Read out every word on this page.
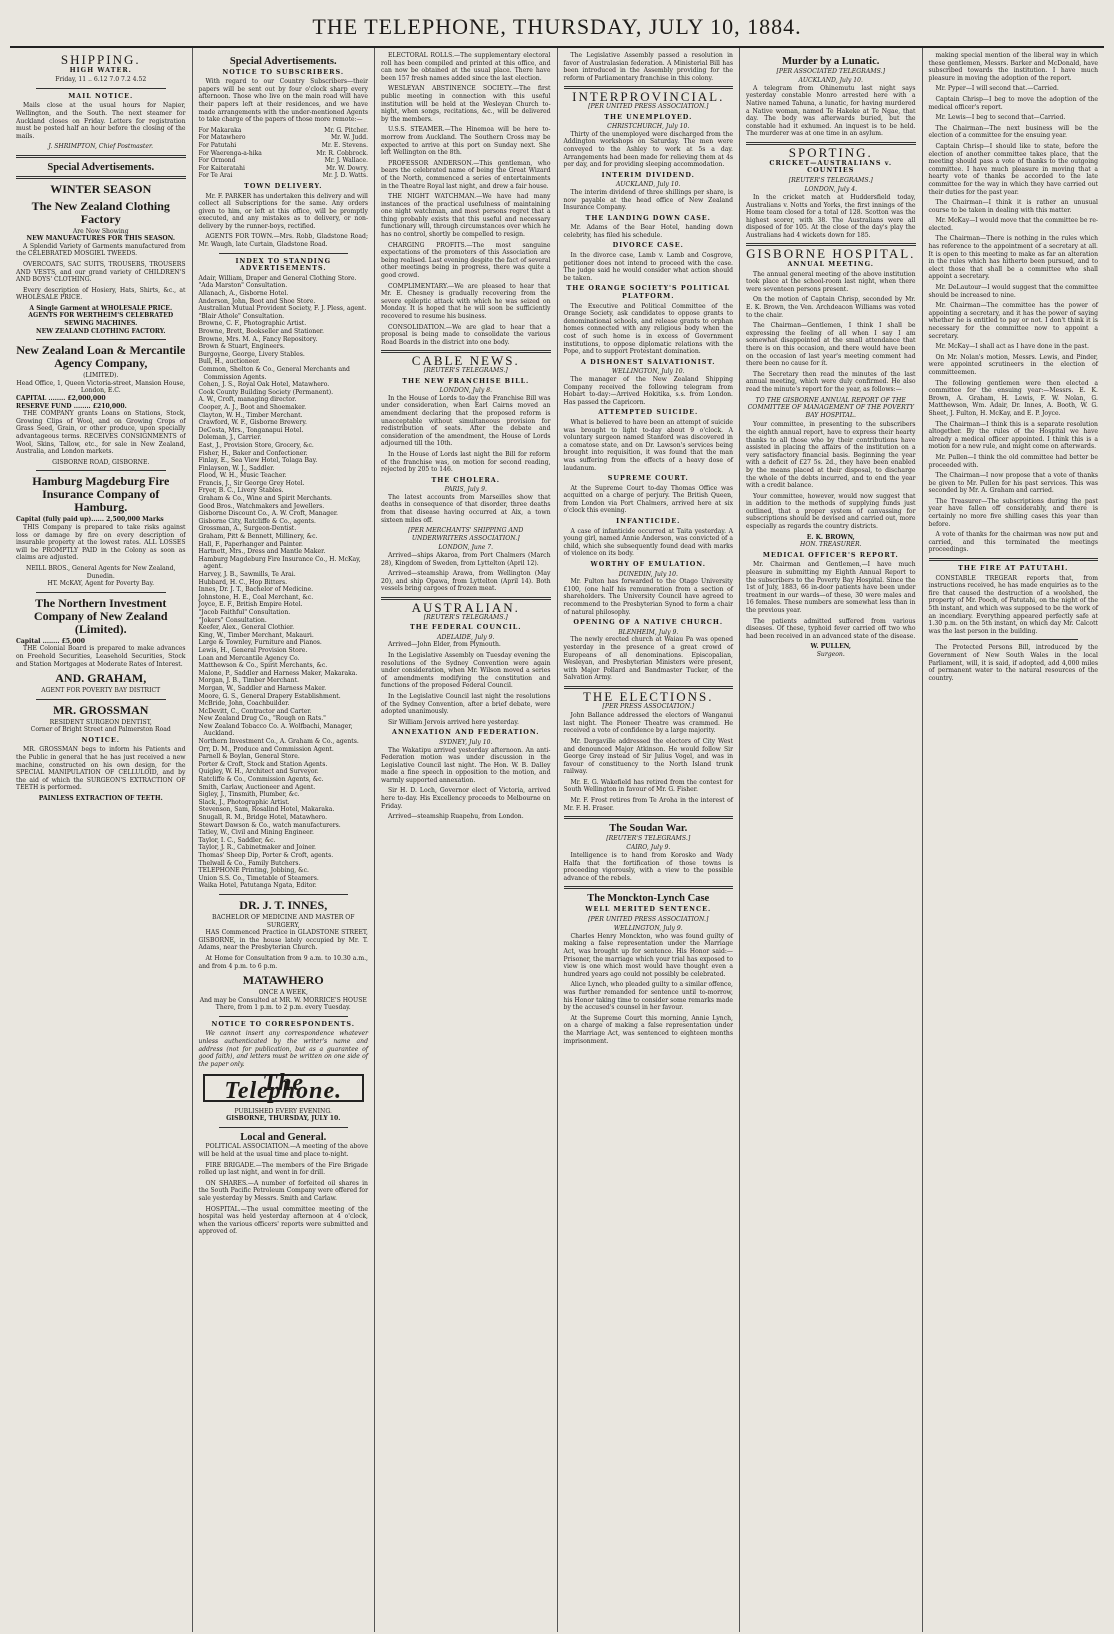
THE TELEPHONE, THURSDAY, JULY 10, 1884.
SHIPPING.
HIGH WATER.
Friday, 11 .. 6.12 7.0 7.2 4.52
MAIL NOTICE.

Mails close at the usual hours for Napier, Wellington, and the South. The next steamer for Auckland closes on Friday. Letters for registration must be posted half an hour before the closing of the mails.

J. SHRIMPTON, Chief Postmaster.
Special Advertisements.
WINTER SEASON
The New Zealand Clothing Factory
Are Now Showing
NEW MANUFACTURES FOR THIS SEASON.

A Splendid Variety of Garments manufactured from the CELEBRATED MOSGIEL TWEEDS.

OVERCOATS, SAC SUITS, TROUSERS, TROUSERS AND VESTS, and our grand variety of CHILDREN'S AND BOYS' CLOTHING.

Every description of Hosiery, Hats, Shirts, &c., at WHOLESALE PRICE.

A Single Garment at WHOLESALE PRICE.
AGENTS FOR WERTHEIM'S CELEBRATED SEWING MACHINES.
NEW ZEALAND CLOTHING FACTORY.
New Zealand Loan & Mercantile Agency Company,
(LIMITED).
Head Office, 1, Queen Victoria-street, Mansion House, London, E.C.
CAPITAL ........ £2,000,000
RESERVE FUND ........ £210,000.

THE COMPANY grants Loans on Stations, Stock, Growing Clips of Wool, and on Growing Crops of Grass Seed, Grain, or other produce, upon specially advantageous terms. RECEIVES CONSIGNMENTS of Wool, Skins, Tallow, etc., for sale in New Zealand, Australia, and London markets.

GISBORNE ROAD, GISBORNE.
Hamburg Magdeburg Fire Insurance Company of Hamburg.
Capital (fully paid up)...... 2,500,000 Marks

THIS Company is prepared to take risks against loss or damage by fire on every description of insurable property at the lowest rates. ALL LOSSES will be PROMPTLY PAID in the Colony as soon as claims are adjusted.

NEILL BROS., General Agents for New Zealand, Dunedin.
HT. McKAY, Agent for Poverty Bay.
The Northern Investment Company of New Zealand (Limited).
Capital ........ £5,000

THE Colonial Board is prepared to make advances on Freehold Securities, Leasehold Securities, Stock and Station Mortgages at Moderate Rates of Interest.

AND. GRAHAM,
AGENT FOR POVERTY BAY DISTRICT
MR. GROSSMAN
RESIDENT SURGEON DENTIST,
Corner of Bright Street and Palmerston Road
NOTICE.

MR. GROSSMAN begs to inform his Patients and the Public in general that he has just received a new machine, constructed on his own design, for the SPECIAL MANIPULATION OF CELLULOID, and by the aid of which the SURGEON'S EXTRACTION OF TEETH is performed.

PAINLESS EXTRACTION OF TEETH.
Special Advertisements.
NOTICE TO SUBSCRIBERS.

With regard to our Country Subscribers—their papers will be sent out by four o'clock sharp every afternoon. Those who live on the main road will have their papers left at their residences, and we have made arrangements with the under-mentioned Agents to take charge of the papers of those more remote:—

For Makaraka	Mr. G. Pitcher.
For Matawhero	Mr. W. Judd.
For Patutahi	Mr. E. Stevens.
For Waerenga-a-hika	Mr. R. Cobbrock.
For Ormond	Mr. J. Wallace.
For Kaiteratahi	Mr. W. Dowry.
For Te Arai	Mr. J. D. Watts.
TOWN DELIVERY.

Mr. F. PARKER has undertaken this delivery and will collect all Subscriptions for the same. Any orders given to him, or left at this office, will be promptly executed, and any mistakes as to delivery, or non-delivery by the runner-boys, rectified.

AGENTS FOR TOWN.—Mrs. Robb, Gladstone Road; Mr. Waugh, late Curtain, Gladstone Road.

INDEX TO STANDING ADVERTISEMENTS.
Adair, William, Draper and General Clothing Store.
"Ada Marston" Consultation.
Allanach, A., Gisborne Hotel.
Anderson, John, Boot and Shoe Store.
Australian Mutual Provident Society, F. J. Pless, agent.
"Blair Athole" Consultation.
Browne, C. F., Photographic Artist.
Browne, Brett, Bookseller and Stationer.
Browne, Mrs. M. A., Fancy Repository.
Brown & Stuart, Engineers.
Burgoyne, George, Livery Stables.
Bull, H., auctioneer.
Common, Shelton & Co., General Merchants and Commission Agents.
Cohen, J. S., Royal Oak Hotel, Matawhero.
Cook County Building Society (Permanent).
A. W., Croft, managing director.
Cooper, A. J., Boot and Shoemaker.
Clayton, W. H., Timber Merchant.
Crawford, W. F., Gisborne Brewery.
DeCosta, Mrs., Tonganapui Hotel.
Doleman, J., Carrier.
East, J., Provision Store, Grocery, &c.
Fisher, H., Baker and Confectioner.
Finlay, E., Sea View Hotel, Tolaga Bay.
Finlayson, W. J., Saddler.
Flood, W. H., Music Teacher.
Francis, J., Sir George Grey Hotel.
Fryer, B. C., Livery Stables.
Graham & Co., Wine and Spirit Merchants.
Good Bros., Watchmakers and Jewellers.
Gisborne Discount Co., A. W. Croft, Manager.
Gisborne City, Ratcliffe & Co., agents.
Grossman, A., Surgeon-Dentist.
Graham, Pitt & Bennett, Millinery, &c.
Hall, F., Paperhanger and Painter.
Hartnett, Mrs., Dress and Mantle Maker.
Hamburg Magdeburg Fire Insurance Co., H. McKay, agent.
Harvey, J. B., Sawmills, Te Arai.
Hubbard, H. C., Hop Bitters.
Innes, Dr. J. T., Bachelor of Medicine.
Johnstone, H. E., Coal Merchant, &c.
Joyce, E. F., British Empire Hotel.
"Jacob Faithful" Consultation.
"Jokers" Consultation.
Keefer, Alex., General Clothier.
King, W., Timber Merchant, Makauri.
Large & Townley, Furniture and Pianos.
Lewis, H., General Provision Store.
Loan and Mercantile Agency Co.
Matthewson & Co., Spirit Merchants, &c.
Malone, P., Saddler and Harness Maker, Makaraka.
Morgan, J. B., Timber Merchant.
Morgan, W., Saddler and Harness Maker.
Moore, G. S., General Drapery Establishment.
McBride, John, Coachbuilder.
McDevitt, C., Contractor and Carter.
New Zealand Drug Co., "Rough on Rats."
New Zealand Tobacco Co. A. Wolfbachi, Manager, Auckland.
Northern Investment Co., A. Graham & Co., agents.
Orr, D. M., Produce and Commission Agent.
Parnell & Boylan, General Store.
Porter & Croft, Stock and Station Agents.
Quigley, W. H., Architect and Surveyor.
Ratcliffe & Co., Commission Agents, &c.
Smith, Carlaw, Auctioneer and Agent.
Sigley, J., Tinsmith, Plumber, &c.
Slack, J., Photographic Artist.
Stevenson, Sam, Rosalind Hotel, Makaraka.
Snugall, R. M., Bridge Hotel, Matawhero.
Stewart Dawson & Co., watch manufacturers.
Tatley, W., Civil and Mining Engineer.
Taylor, I. C., Saddler, &c.
Taylor, J. R., Cabinetmaker and Joiner.
Thomas' Sheep Dip, Porter & Croft, agents.
Thelwall & Co., Family Butchers.
TELEPHONE Printing, Jobbing, &c.
Union S.S. Co., Timetable of Steamers.
Waika Hotel, Patutanga Ngata, Editor.
DR. J. T. INNES,
BACHELOR OF MEDICINE AND MASTER OF SURGERY,

HAS Commenced Practice in GLADSTONE STREET, GISBORNE, in the house lately occupied by Mr. T. Adams, near the Presbyterian Church.

At Home for Consultation from 9 a.m. to 10.30 a.m., and from 4 p.m. to 6 p.m.

MATAWHERO
ONCE A WEEK,
And may be Consulted at MR. W. MORRICE'S HOUSE
There, from 1 p.m. to 2 p.m. every Tuesday.
NOTICE TO CORRESPONDENTS.

We cannot insert any correspondence whatever unless authenticated by the writer's name and address (not for publication, but as a guarantee of good faith), and letters must be written on one side of the paper only.

The Telephone.
PUBLISHED EVERY EVENING.
GISBORNE, THURSDAY, JULY 10.
Local and General.

POLITICAL ASSOCIATION.—A meeting of the above will be held at the usual time and place to-night.

FIRE BRIGADE.—The members of the Fire Brigade rolled up last night, and went in for drill.

ON SHARES.—A number of forfeited oil shares in the South Pacific Petroleum Company were offered for sale yesterday by Messrs. Smith and Carlaw.

HOSPITAL.—The usual committee meeting of the hospital was held yesterday afternoon at 4 o'clock, when the various officers' reports were submitted and approved of.

ELECTORAL ROLLS.—The supplementary electoral roll has been compiled and printed at this office, and can now be obtained at the usual place. There have been 157 fresh names added since the last election.

WESLEYAN ABSTINENCE SOCIETY.—The first public meeting in connection with this useful institution will be held at the Wesleyan Church to-night, when songs, recitations, &c., will be delivered by the members.

U.S.S. STEAMER.—The Hinemoa will be here to-morrow from Auckland. The Southern Cross may be expected to arrive at this port on Sunday next. She left Wellington on the 8th.

PROFESSOR ANDERSON.—This gentleman, who bears the celebrated name of being the Great Wizard of the North, commenced a series of entertainments in the Theatre Royal last night, and drew a fair house.

THE NIGHT WATCHMAN.—We have had many instances of the practical usefulness of maintaining one night watchman, and most persons regret that a thing probably exists that this useful and necessary functionary will, through circumstances over which he has no control, shortly be compelled to resign.

CHARGING PROFITS.—The most sanguine expectations of the promoters of this Association are being realised. Last evening despite the fact of several other meetings being in progress, there was quite a good crowd.

COMPLIMENTARY.—We are pleased to hear that Mr. E. Chesney is gradually recovering from the severe epileptic attack with which he was seized on Monday. It is hoped that he will soon be sufficiently recovered to resume his business.

CONSOLIDATION.—We are glad to hear that a proposal is being made to consolidate the various Road Boards in the district into one body.

CABLE NEWS.
[REUTER'S TELEGRAMS.]
THE NEW FRANCHISE BILL.
LONDON, July 8.

In the House of Lords to-day the Franchise Bill was under consideration, when Earl Cairns moved an amendment declaring that the proposed reform is unacceptable without simultaneous provision for redistribution of seats. After the debate and consideration of the amendment, the House of Lords adjourned till the 10th.

In the House of Lords last night the Bill for reform of the franchise was, on motion for second reading, rejected by 205 to 146.

THE CHOLERA.
PARIS, July 9.

The latest accounts from Marseilles show that deaths in consequence of that disorder, three deaths from that disease having occurred at Aix, a town sixteen miles off.

[PER MERCHANTS' SHIPPING AND UNDERWRITERS ASSOCIATION.]
LONDON, June 7.

Arrived—ships Akaroa, from Port Chalmers (March 28), Kingdom of Sweden, from Lyttelton (April 12).

Arrived—steamship Arawa, from Wellington (May 20), and ship Opawa, from Lyttelton (April 14). Both vessels bring cargoes of frozen meat.

AUSTRALIAN.
[REUTER'S TELEGRAMS.]
THE FEDERAL COUNCIL.
ADELAIDE, July 9.

Arrived—John Elder, from Plymouth.

In the Legislative Assembly on Tuesday evening the resolutions of the Sydney Convention were again under consideration, when Mr. Wilson moved a series of amendments modifying the constitution and functions of the proposed Federal Council.

In the Legislative Council last night the resolutions of the Sydney Convention, after a brief debate, were adopted unanimously.

Sir William Jervois arrived here yesterday.

ANNEXATION AND FEDERATION.
SYDNEY, July 10.

The Wakatipu arrived yesterday afternoon. An anti-Federation motion was under discussion in the Legislative Council last night. The Hon. W. B. Dalley made a fine speech in opposition to the motion, and warmly supported annexation.

Sir H. D. Loch, Governor elect of Victoria, arrived here to-day. His Excellency proceeds to Melbourne on Friday.

Arrived—steamship Ruapehu, from London.

The Legislative Assembly passed a resolution in favor of Australasian federation. A Ministerial Bill has been introduced in the Assembly providing for the reform of Parliamentary franchise in this colony.

INTERPROVINCIAL.
[PER UNITED PRESS ASSOCIATION.]
THE UNEMPLOYED.
CHRISTCHURCH, July 10.

Thirty of the unemployed were discharged from the Addington workshops on Saturday. The men were conveyed to the Ashley to work at 5s a day. Arrangements had been made for relieving them at 4s per day, and for providing sleeping accommodation.

INTERIM DIVIDEND.
AUCKLAND, July 10.

The interim dividend of three shillings per share, is now payable at the head office of New Zealand Insurance Company.

THE LANDING DOWN CASE.

Mr. Adams of the Bear Hotel, handing down celebrity, has filed his schedule.

DIVORCE CASE.

In the divorce case, Lamb v. Lamb and Cosgrove, petitioner does not intend to proceed with the case. The judge said he would consider what action should be taken.

THE ORANGE SOCIETY'S POLITICAL PLATFORM.

The Executive and Political Committee of the Orange Society, ask candidates to oppose grants to denominational schools, and release grants to orphan homes connected with any religious body when the cost of such home is in excess of Government institutions, to oppose diplomatic relations with the Pope, and to support Protestant domination.

A DISHONEST SALVATIONIST.
WELLINGTON, July 10.

The manager of the New Zealand Shipping Company received the following telegram from Hobart to-day:—Arrived Hokitika, s.s. from London. Has passed the Capricorn.

ATTEMPTED SUICIDE.

What is believed to have been an attempt of suicide was brought to light to-day about 9 o'clock. A voluntary surgeon named Stanford was discovered in a comatose state, and on Dr. Lawson's services being brought into requisition, it was found that the man was suffering from the effects of a heavy dose of laudanum.

SUPREME COURT.

At the Supreme Court to-day Thomas Office was acquitted on a charge of perjury. The British Queen, from London via Port Chalmers, arrived here at six o'clock this evening.

INFANTICIDE.

A case of infanticide occurred at Taita yesterday. A young girl, named Annie Anderson, was convicted of a child, which she subsequently found dead with marks of violence on its body.

WORTHY OF EMULATION.
DUNEDIN, July 10.

Mr. Fulton has forwarded to the Otago University £100, (one half his remuneration from a section of shareholders. The University Council have agreed to recommend to the Presbyterian Synod to form a chair of natural philosophy.

OPENING OF A NATIVE CHURCH.
BLENHEIM, July 9.

The newly erected church at Waiau Pa was opened yesterday in the presence of a great crowd of Europeans of all denominations. Episcopalian, Wesleyan, and Presbyterian Ministers were present, with Major Pollard and Bandmaster Tucker, of the Salvation Army.

THE ELECTIONS.
[PER PRESS ASSOCIATION.]

John Ballance addressed the electors of Wanganui last night. The Pioneer Theatre was crammed. He received a vote of confidence by a large majority.

Mr. Dargaville addressed the electors of City West and denounced Major Atkinson. He would follow Sir George Grey instead of Sir Julius Vogel, and was in favour of constituency to the North Island trunk railway.

Mr. E. G. Wakefield has retired from the contest for South Wellington in favour of Mr. G. Fisher.

Mr. F. Frost retires from Te Aroha in the interest of Mr. F. H. Fraser.

The Soudan War.
[REUTER'S TELEGRAMS.]
CAIRO, July 9.

Intelligence is to hand from Korosko and Wady Halfa that the fortification of those towns is proceeding vigorously, with a view to the possible advance of the rebels.

The Monckton-Lynch Case
WELL MERITED SENTENCE.
[PER UNITED PRESS ASSOCIATION.]
WELLINGTON, July 9.

Charles Henry Monckton, who was found guilty of making a false representation under the Marriage Act, was brought up for sentence. His Honor said:—Prisoner, the marriage which your trial has exposed to view is one which most would have thought even a hundred years ago could not possibly be celebrated.

Alice Lynch, who pleaded guilty to a similar offence, was further remanded for sentence until to-morrow, his Honor taking time to consider some remarks made by the accused's counsel in her favour.

At the Supreme Court this morning, Annie Lynch, on a charge of making a false representation under the Marriage Act, was sentenced to eighteen months imprisonment.

Murder by a Lunatic.
[PER ASSOCIATED TELEGRAMS.]
AUCKLAND, July 10.

A telegram from Ohinemutu last night says yesterday constable Monro arrested here with a Native named Tahuna, a lunatic, for having murdered a Native woman, named Te Hakeke at Te Ngae, that day. The body was afterwards buried, but the constable had it exhumed. An inquest is to be held. The murderer was at one time in an asylum.

SPORTING.
CRICKET—AUSTRALIANS v. COUNTIES
[REUTER'S TELEGRAMS.]
LONDON, July 4.

In the cricket match at Huddersfield today, Australians v. Notts and Yorks, the first innings of the Home team closed for a total of 128. Scotton was the highest scorer, with 38. The Australians were all disposed of for 105. At the close of the day's play the Australians had 4 wickets down for 185.

GISBORNE HOSPITAL.
ANNUAL MEETING.

The annual general meeting of the above institution took place at the school-room last night, when there were seventeen persons present.

On the motion of Captain Chrisp, seconded by Mr. E. K. Brown, the Ven. Archdeacon Williams was voted to the chair.

The Chairman—Gentlemen, I think I shall be expressing the feeling of all when I say I am somewhat disappointed at the small attendance that there is on this occasion, and there would have been on the occasion of last year's meeting comment had there been no cause for it.

The Secretary then read the minutes of the last annual meeting, which were duly confirmed. He also read the minute's report for the year, as follows:—

TO THE GISBORNE ANNUAL REPORT OF THE COMMITTEE OF MANAGEMENT OF THE POVERTY BAY HOSPITAL.

Your committee, in presenting to the subscribers the eighth annual report, have to express their hearty thanks to all those who by their contributions have assisted in placing the affairs of the institution on a very satisfactory financial basis. Beginning the year with a deficit of £27 5s. 2d., they have been enabled by the means placed at their disposal, to discharge the whole of the debts incurred, and to end the year with a credit balance.

Your committee, however, would now suggest that in addition to the methods of supplying funds just outlined, that a proper system of canvassing for subscriptions should be devised and carried out, more especially as regards the country districts.

E. K. BROWN,
HON. TREASURER.
MEDICAL OFFICER'S REPORT.

Mr. Chairman and Gentlemen,—I have much pleasure in submitting my Eighth Annual Report to the subscribers to the Poverty Bay Hospital. Since the 1st of July, 1883, 66 in-door patients have been under treatment in our wards—of these, 30 were males and 16 females. These numbers are somewhat less than in the previous year.

The patients admitted suffered from various diseases. Of these, typhoid fever carried off two who had been received in an advanced state of the disease.

W. PULLEN,
Surgeon.

making special mention of the liberal way in which these gentlemen, Messrs. Barker and McDonald, have subscribed towards the institution. I have much pleasure in moving the adoption of the report.

Mr. Pyper—I will second that.—Carried.

Captain Chrisp—I beg to move the adoption of the medical officer's report.

Mr. Lewis—I beg to second that—Carried.

The Chairman—The next business will be the election of a committee for the ensuing year.

Captain Chrisp—I should like to state, before the election of another committee takes place, that the meeting should pass a vote of thanks to the outgoing committee. I have much pleasure in moving that a hearty vote of thanks be accorded to the late committee for the way in which they have carried out their duties for the past year.

The Chairman—I think it is rather an unusual course to be taken in dealing with this matter.

Mr. McKay—I would move that the committee be re-elected.

The Chairman—There is nothing in the rules which has reference to the appointment of a secretary at all. It is open to this meeting to make as far an alteration in the rules which has hitherto been pursued, and to elect those that shall be a committee who shall appoint a secretary.

Mr. DeLautour—I would suggest that the committee should be increased to nine.

Mr. Chairman—The committee has the power of appointing a secretary, and it has the power of saying whether he is entitled to pay or not. I don't think it is necessary for the committee now to appoint a secretary.

Mr. McKay—I shall act as I have done in the past.

On Mr. Nolan's motion, Messrs. Lewis, and Pinder, were appointed scrutineers in the election of committeemen.

The following gentlemen were then elected a committee for the ensuing year:—Messrs. E. K. Brown, A. Graham, H. Lewis, F. W. Nolan, G. Matthewson, Wm. Adair, Dr. Innes, A. Booth, W. G. Sheet, J. Fulton, H. McKay, and E. P. Joyce.

The Chairman—I think this is a separate resolution altogether. By the rules of the Hospital we have already a medical officer appointed. I think this is a motion for a new rule, and might come on afterwards.

Mr. Pullen—I think the old committee had better be proceeded with.

The Chairman—I now propose that a vote of thanks be given to Mr. Pullen for his past services. This was seconded by Mr. A. Graham and carried.

The Treasurer—The subscriptions during the past year have fallen off considerably, and there is certainly no more five shilling cases this year than before.

A vote of thanks for the chairman was now put and carried, and this terminated the meetings proceedings.

THE FIRE AT PATUTAHI.

CONSTABLE TREGEAR reports that, from instructions received, he has made enquiries as to the fire that caused the destruction of a woolshed, the property of Mr. Pooch, of Patutahi, on the night of the 5th instant, and which was supposed to be the work of an incendiary. Everything appeared perfectly safe at 1.30 p.m. on the 5th instant, on which day Mr. Calcott was the last person in the building.

The Protected Persons Bill, introduced by the Government of New South Wales in the local Parliament, will, it is said, if adopted, add 4,000 miles of permanent water to the natural resources of the country.
